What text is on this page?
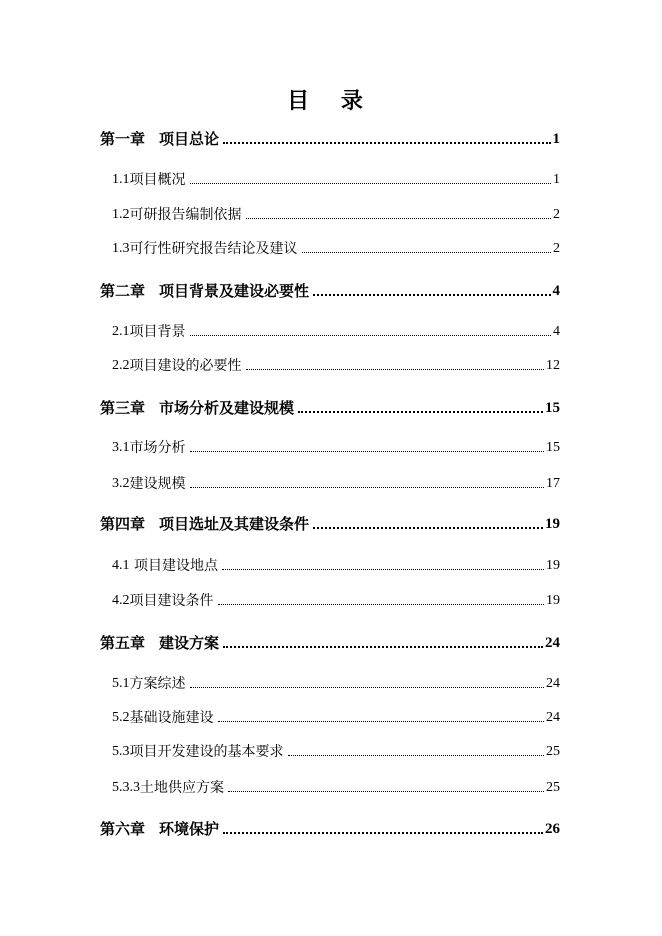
目 录
第一章 项目总论	1
1.1 项目概况	1
1.2 可研报告编制依据	2
1.3 可行性研究报告结论及建议	2
第二章 项目背景及建设必要性	4
2.1 项目背景	4
2.2 项目建设的必要性	12
第三章 市场分析及建设规模	15
3.1 市场分析	15
3.2 建设规模	17
第四章 项目选址及其建设条件	19
4.1 项目建设地点	19
4.2 项目建设条件	19
第五章 建设方案	24
5.1 方案综述	24
5.2 基础设施建设	24
5.3 项目开发建设的基本要求	25
5.3.3 土地供应方案	25
第六章 环境保护	26
